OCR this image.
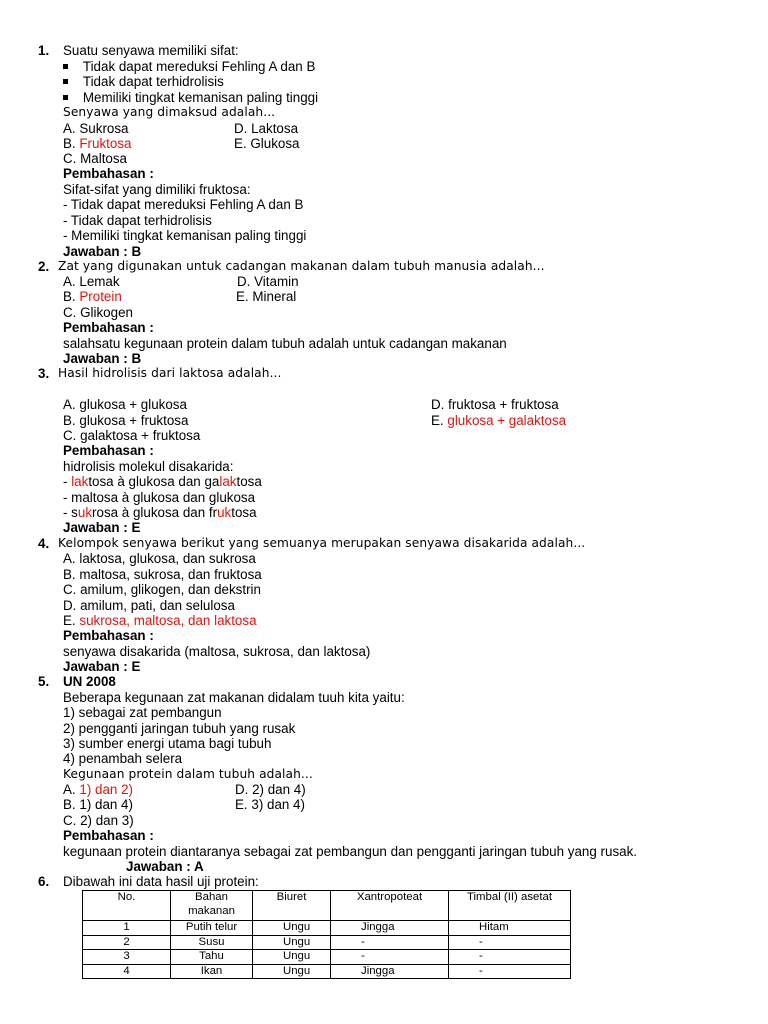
1. Suatu senyawa memiliki sifat:
Tidak dapat mereduksi Fehling A dan B
Tidak dapat terhidrolisis
Memiliki tingkat kemanisan paling tinggi
Senyawa yang dimaksud adalah...
A. Sukrosa	D. Laktosa
B. Fruktosa	E. Glukosa
C. Maltosa
Pembahasan :
Sifat-sifat yang dimiliki fruktosa:
- Tidak dapat mereduksi Fehling A dan B
- Tidak dapat terhidrolisis
- Memiliki tingkat kemanisan paling tinggi
Jawaban : B
2. Zat yang digunakan untuk cadangan makanan dalam tubuh manusia adalah...
A. Lemak	D. Vitamin
B. Protein	E. Mineral
C. Glikogen
Pembahasan :
salahsatu kegunaan protein dalam tubuh adalah untuk cadangan makanan
Jawaban : B
3. Hasil hidrolisis dari laktosa adalah...
A. glukosa + glukosa	D. fruktosa + fruktosa
B. glukosa + fruktosa	E. glukosa + galaktosa
C. galaktosa + fruktosa
Pembahasan :
hidrolisis molekul disakarida:
- laktosa à glukosa dan galaktosa
- maltosa à glukosa dan glukosa
- sukrosa à glukosa dan fruktosa
Jawaban : E
4. Kelompok senyawa berikut yang semuanya merupakan senyawa disakarida adalah...
A. laktosa, glukosa, dan sukrosa
B. maltosa, sukrosa, dan fruktosa
C. amilum, glikogen, dan dekstrin
D. amilum, pati, dan selulosa
E. sukrosa, maltosa, dan laktosa
Pembahasan :
senyawa disakarida (maltosa, sukrosa, dan laktosa)
Jawaban : E
5. UN 2008
Beberapa kegunaan zat makanan didalam tuuh kita yaitu:
1) sebagai zat pembangun
2) pengganti jaringan tubuh yang rusak
3) sumber energi utama bagi tubuh
4) penambah selera
Kegunaan protein dalam tubuh adalah...
A. 1) dan 2)	D. 2) dan 4)
B. 1) dan 4)	E. 3) dan 4)
C. 2) dan 3)
Pembahasan :
kegunaan protein diantaranya sebagai zat pembangun dan pengganti jaringan tubuh yang rusak.
Jawaban : A
6. Dibawah ini data hasil uji protein:
No.	Bahan makanan	Biuret	Xantropoteat	Timbal (II) asetat
1	Putih telur	Ungu	Jingga	Hitam
2	Susu	Ungu	-	-
3	Tahu	Ungu	-	-
4	Ikan	Ungu	Jingga	-
